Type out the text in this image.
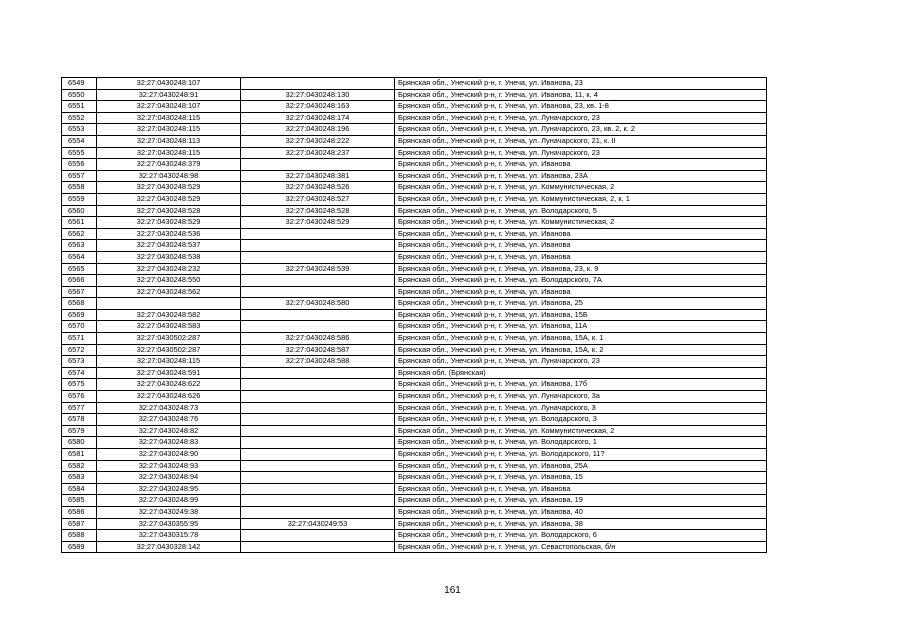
6549	32:27:0430248:107		Брянская обл., Унечский р-н, г. Унеча, ул. Иванова, 23
6550	32:27:0430248:91	32:27:0430248:130	Брянская обл., Унечский р-н, г. Унеча, ул. Иванова, 11, к. 4
6551	32:27:0430248:107	32:27:0430248:163	Брянская обл., Унечский р-н, г. Унеча, ул. Иванова, 23, кв. 1-8
6552	32:27:0430248:115	32:27:0430248:174	Брянская обл., Унечский р-н, г. Унеча, ул. Луначарского, 23
6553	32:27:0430248:115	32:27:0430248:196	Брянская обл., Унечский р-н, г. Унеча, ул. Луначарского, 23, кв. 2, к. 2
6554	32:27:0430248:113	32:27:0430248:222	Брянская обл., Унечский р-н, г. Унеча, ул. Луначарского, 21, к. II
6555	32:27:0430248:115	32:27:0430248:237	Брянская обл., Унечский р-н, г. Унеча, ул. Луначарского, 23
6556	32:27:0430248:379		Брянская обл., Унечский р-н, г. Унеча, ул. Иванова
6557	32:27:0430248:98	32:27:0430248:381	Брянская обл., Унечский р-н, г. Унеча, ул. Иванова, 23А
6558	32:27:0430248:529	32:27:0430248:526	Брянская обл., Унечский р-н, г. Унеча, ул. Коммунистическая, 2
6559	32:27:0430248:529	32:27:0430248:527	Брянская обл., Унечский р-н, г. Унеча, ул. Коммунистическая, 2, к. 1
6560	32:27:0430248:528	32:27:0430248:528	Брянская обл., Унечский р-н, г. Унеча, ул. Володарского, 5
6561	32:27:0430248:529	32:27:0430248:529	Брянская обл., Унечский р-н, г. Унеча, ул. Коммунистическая, 2
6562	32:27:0430248:536		Брянская обл., Унечский р-н, г. Унеча, ул. Иванова
6563	32:27:0430248:537		Брянская обл., Унечский р-н, г. Унеча, ул. Иванова
6564	32:27:0430248:538		Брянская обл., Унечский р-н, г. Унеча, ул. Иванова
6565	32:27:0430248:232	32:27:0430248:539	Брянская обл., Унечский р-н, г. Унеча, ул. Иванова, 23, к. 9
6566	32:27:0430248:550		Брянская обл., Унечский р-н, г. Унеча, ул. Володарского, 7А
6567	32:27:0430248:562		Брянская обл., Унечский р-н, г. Унеча, ул. Иванова
6568		32:27:0430248:580	Брянская обл., Унечский р-н, г. Унеча, ул. Иванова, 25
6569	32:27:0430248:582		Брянская обл., Унечский р-н, г. Унеча, ул. Иванова, 15Б
6570	32:27:0430248:583		Брянская обл., Унечский р-н, г. Унеча, ул. Иванова, 11А
6571	32:27:0430502:287	32:27:0430248:586	Брянская обл., Унечский р-н, г. Унеча, ул. Иванова, 15А, к. 1
6572	32:27:0430502:287	32:27:0430248:587	Брянская обл., Унечский р-н, г. Унеча, ул. Иванова, 15А, к. 2
6573	32:27:0430248:115	32:27:0430248:588	Брянская обл., Унечский р-н, г. Унеча, ул. Луначарского, 23
6574	32:27:0430248:591		Брянская обл. (Брянская)
6575	32:27:0430248:622		Брянская обл., Унечский р-н, г. Унеча, ул. Иванова, 17б
6576	32:27:0430248:626		Брянская обл., Унечский р-н, г. Унеча, ул. Луначарского, 3а
6577	32:27:0430248:73		Брянская обл., Унечский р-н, г. Унеча, ул. Луначарского, 3
6578	32:27:0430248:76		Брянская обл., Унечский р-н, г. Унеча, ул. Володарского, 3
6579	32:27:0430248:82		Брянская обл., Унечский р-н, г. Унеча, ул. Коммунистическая, 2
6580	32:27:0430248:83		Брянская обл., Унечский р-н, г. Унеча, ул. Володарского, 1
6581	32:27:0430248:90		Брянская обл., Унечский р-н, г. Унеча, ул. Володарского, 11?
6582	32:27:0430248:93		Брянская обл., Унечский р-н, г. Унеча, ул. Иванова, 25А
6583	32:27:0430248:94		Брянская обл., Унечский р-н, г. Унеча, ул. Иванова, 15
6584	32:27:0430248:95		Брянская обл., Унечский р-н, г. Унеча, ул. Иванова
6585	32:27:0430248:99		Брянская обл., Унечский р-н, г. Унеча, ул. Иванова, 19
6586	32:27:0430249:38		Брянская обл., Унечский р-н, г. Унеча, ул. Иванова, 40
6587	32:27:0430355:95	32:27:0430249:53	Брянская обл., Унечский р-н, г. Унеча, ул. Иванова, 38
6588	32:27:0430315:78		Брянская обл., Унечский р-н, г. Унеча, ул. Володарского, 6
6589	32:27:0430328:142		Брянская обл., Унечский р-н, г. Унеча, ул. Севастопольская, б/н
161
